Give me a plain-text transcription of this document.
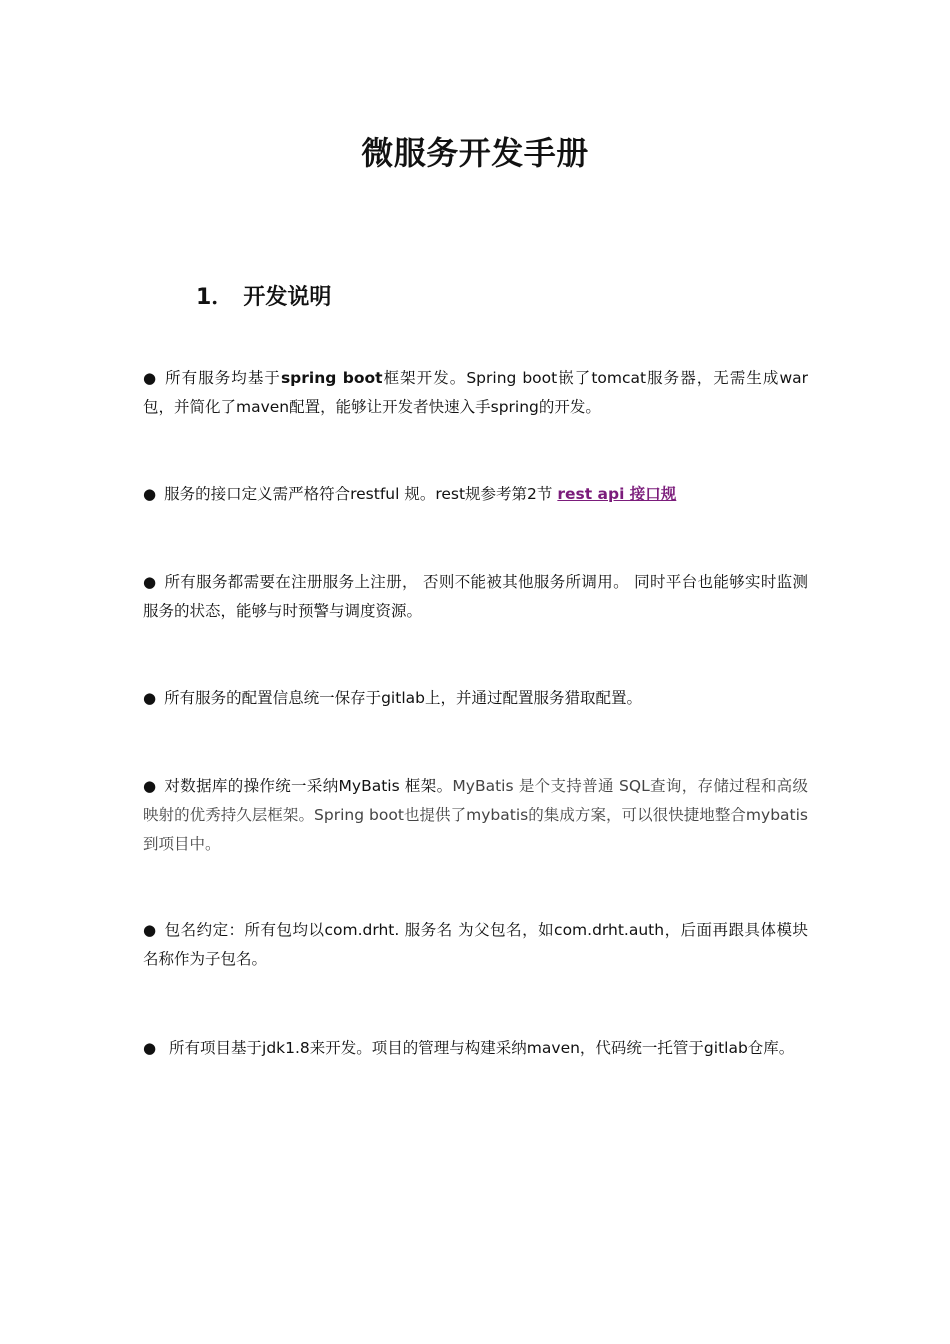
微服务开发手册
1． 开发说明
● 所有服务均基于spring boot框架开发。Spring boot嵌了tomcat服务器，无需生成war包，并简化了maven配置，能够让开发者快速入手spring的开发。
● 服务的接口定义需严格符合restful 规。rest规参考第2节 rest api 接口规
● 所有服务都需要在注册服务上注册， 否则不能被其他服务所调用。 同时平台也能够实时监测服务的状态，能够与时预警与调度资源。
● 所有服务的配置信息统一保存于gitlab上，并通过配置服务猎取配置。
● 对数据库的操作统一采纳MyBatis 框架。MyBatis 是个支持普通 SQL查询，存储过程和高级映射的优秀持久层框架。Spring boot也提供了mybatis的集成方案，可以很快捷地整合mybatis到项目中。
● 包名约定：所有包均以com.drht. 服务名 为父包名，如com.drht.auth，后面再跟具体模块名称作为子包名。
● 所有项目基于jdk1.8来开发。项目的管理与构建采纳maven，代码统一托管于gitlab仓库。
